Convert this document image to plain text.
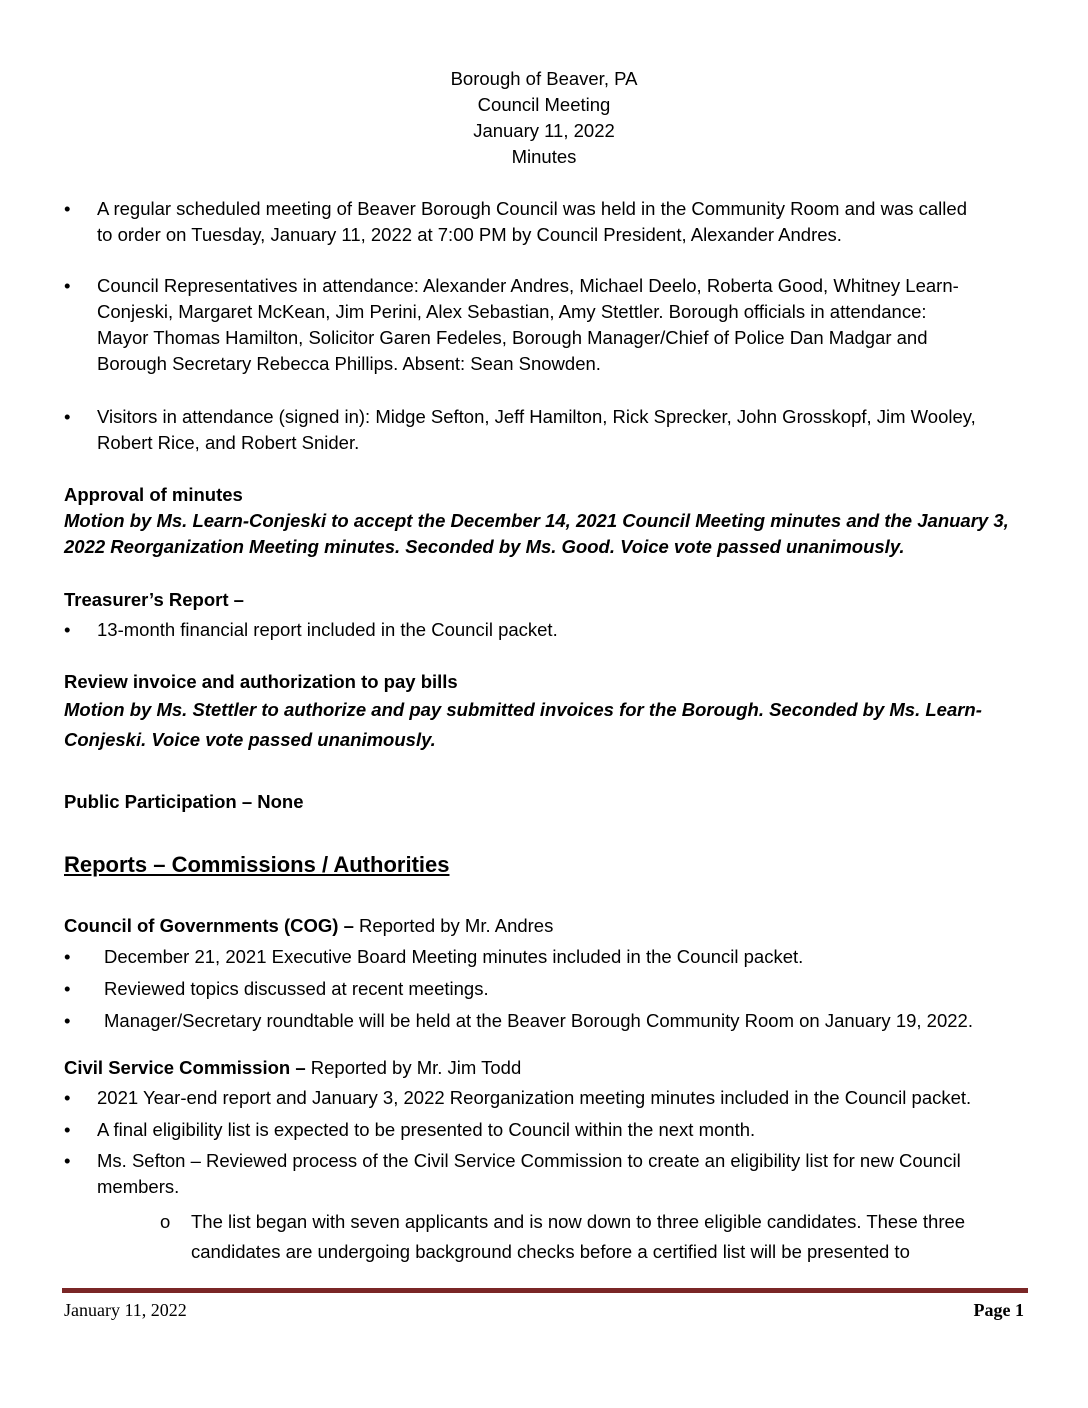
Borough of Beaver, PA
Council Meeting
January 11, 2022
Minutes
•	A regular scheduled meeting of Beaver Borough Council was held in the Community Room and was called
to order on Tuesday, January 11, 2022 at 7:00 PM by Council President, Alexander Andres.
•	Council Representatives in attendance: Alexander Andres, Michael Deelo, Roberta Good, Whitney Learn-
Conjeski, Margaret McKean, Jim Perini, Alex Sebastian, Amy Stettler. Borough officials in attendance:
Mayor Thomas Hamilton, Solicitor Garen Fedeles, Borough Manager/Chief of Police Dan Madgar and
Borough Secretary Rebecca Phillips. Absent: Sean Snowden.
•	Visitors in attendance (signed in): Midge Sefton, Jeff Hamilton, Rick Sprecker, John Grosskopf, Jim Wooley,
Robert Rice, and Robert Snider.
Approval of minutes
Motion by Ms. Learn-Conjeski to accept the December 14, 2021 Council Meeting minutes and the January 3,
2022 Reorganization Meeting minutes. Seconded by Ms. Good. Voice vote passed unanimously.
Treasurer’s Report –
•	13-month financial report included in the Council packet.
Review invoice and authorization to pay bills
Motion by Ms. Stettler to authorize and pay submitted invoices for the Borough. Seconded by Ms. Learn-
Conjeski. Voice vote passed unanimously.
Public Participation – None
Reports – Commissions / Authorities
Council of Governments (COG) – Reported by Mr. Andres
•	December 21, 2021 Executive Board Meeting minutes included in the Council packet.
•	Reviewed topics discussed at recent meetings.
•	Manager/Secretary roundtable will be held at the Beaver Borough Community Room on January 19, 2022.
Civil Service Commission – Reported by Mr. Jim Todd
•	2021 Year-end report and January 3, 2022 Reorganization meeting minutes included in the Council packet.
•	A final eligibility list is expected to be presented to Council within the next month.
•	Ms. Sefton – Reviewed process of the Civil Service Commission to create an eligibility list for new Council
members.
o The list began with seven applicants and is now down to three eligible candidates. These three
candidates are undergoing background checks before a certified list will be presented to
January 11, 2022	Page 1
